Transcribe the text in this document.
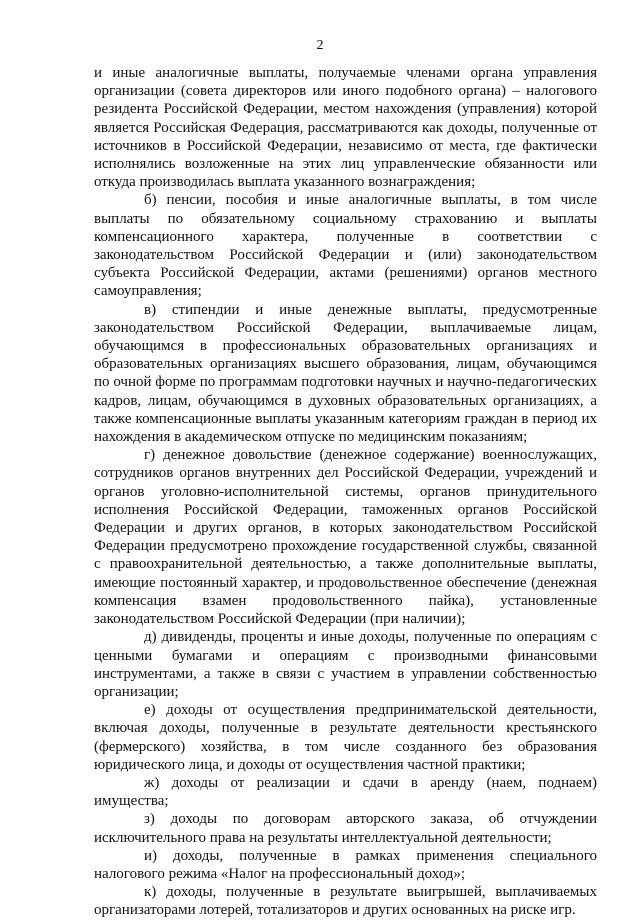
2

и иные аналогичные выплаты, получаемые членами органа управления организации (совета директоров или иного подобного органа) – налогового резидента Российской Федерации, местом нахождения (управления) которой является Российская Федерация, рассматриваются как доходы, полученные от источников в Российской Федерации, независимо от места, где фактически исполнялись возложенные на этих лиц управленческие обязанности или откуда производилась выплата указанного вознаграждения;

б) пенсии, пособия и иные аналогичные выплаты, в том числе выплаты по обязательному социальному страхованию и выплаты компенсационного характера, полученные в соответствии с законодательством Российской Федерации и (или) законодательством субъекта Российской Федерации, актами (решениями) органов местного самоуправления;

в) стипендии и иные денежные выплаты, предусмотренные законодательством Российской Федерации, выплачиваемые лицам, обучающимся в профессиональных образовательных организациях и образовательных организациях высшего образования, лицам, обучающимся по очной форме по программам подготовки научных и научно-педагогических кадров, лицам, обучающимся в духовных образовательных организациях, а также компенсационные выплаты указанным категориям граждан в период их нахождения в академическом отпуске по медицинским показаниям;

г) денежное довольствие (денежное содержание) военнослужащих, сотрудников органов внутренних дел Российской Федерации, учреждений и органов уголовно-исполнительной системы, органов принудительного исполнения Российской Федерации, таможенных органов Российской Федерации и других органов, в которых законодательством Российской Федерации предусмотрено прохождение государственной службы, связанной с правоохранительной деятельностью, а также дополнительные выплаты, имеющие постоянный характер, и продовольственное обеспечение (денежная компенсация взамен продовольственного пайка), установленные законодательством Российской Федерации (при наличии);

д) дивиденды, проценты и иные доходы, полученные по операциям с ценными бумагами и операциям с производными финансовыми инструментами, а также в связи с участием в управлении собственностью организации;

е) доходы от осуществления предпринимательской деятельности, включая доходы, полученные в результате деятельности крестьянского (фермерского) хозяйства, в том числе созданного без образования юридического лица, и доходы от осуществления частной практики;

ж) доходы от реализации и сдачи в аренду (наем, поднаем) имущества;

з) доходы по договорам авторского заказа, об отчуждении исключительного права на результаты интеллектуальной деятельности;

и) доходы, полученные в рамках применения специального налогового режима «Налог на профессиональный доход»;

к) доходы, полученные в результате выигрышей, выплачиваемых организаторами лотерей, тотализаторов и других основанных на риске игр.
